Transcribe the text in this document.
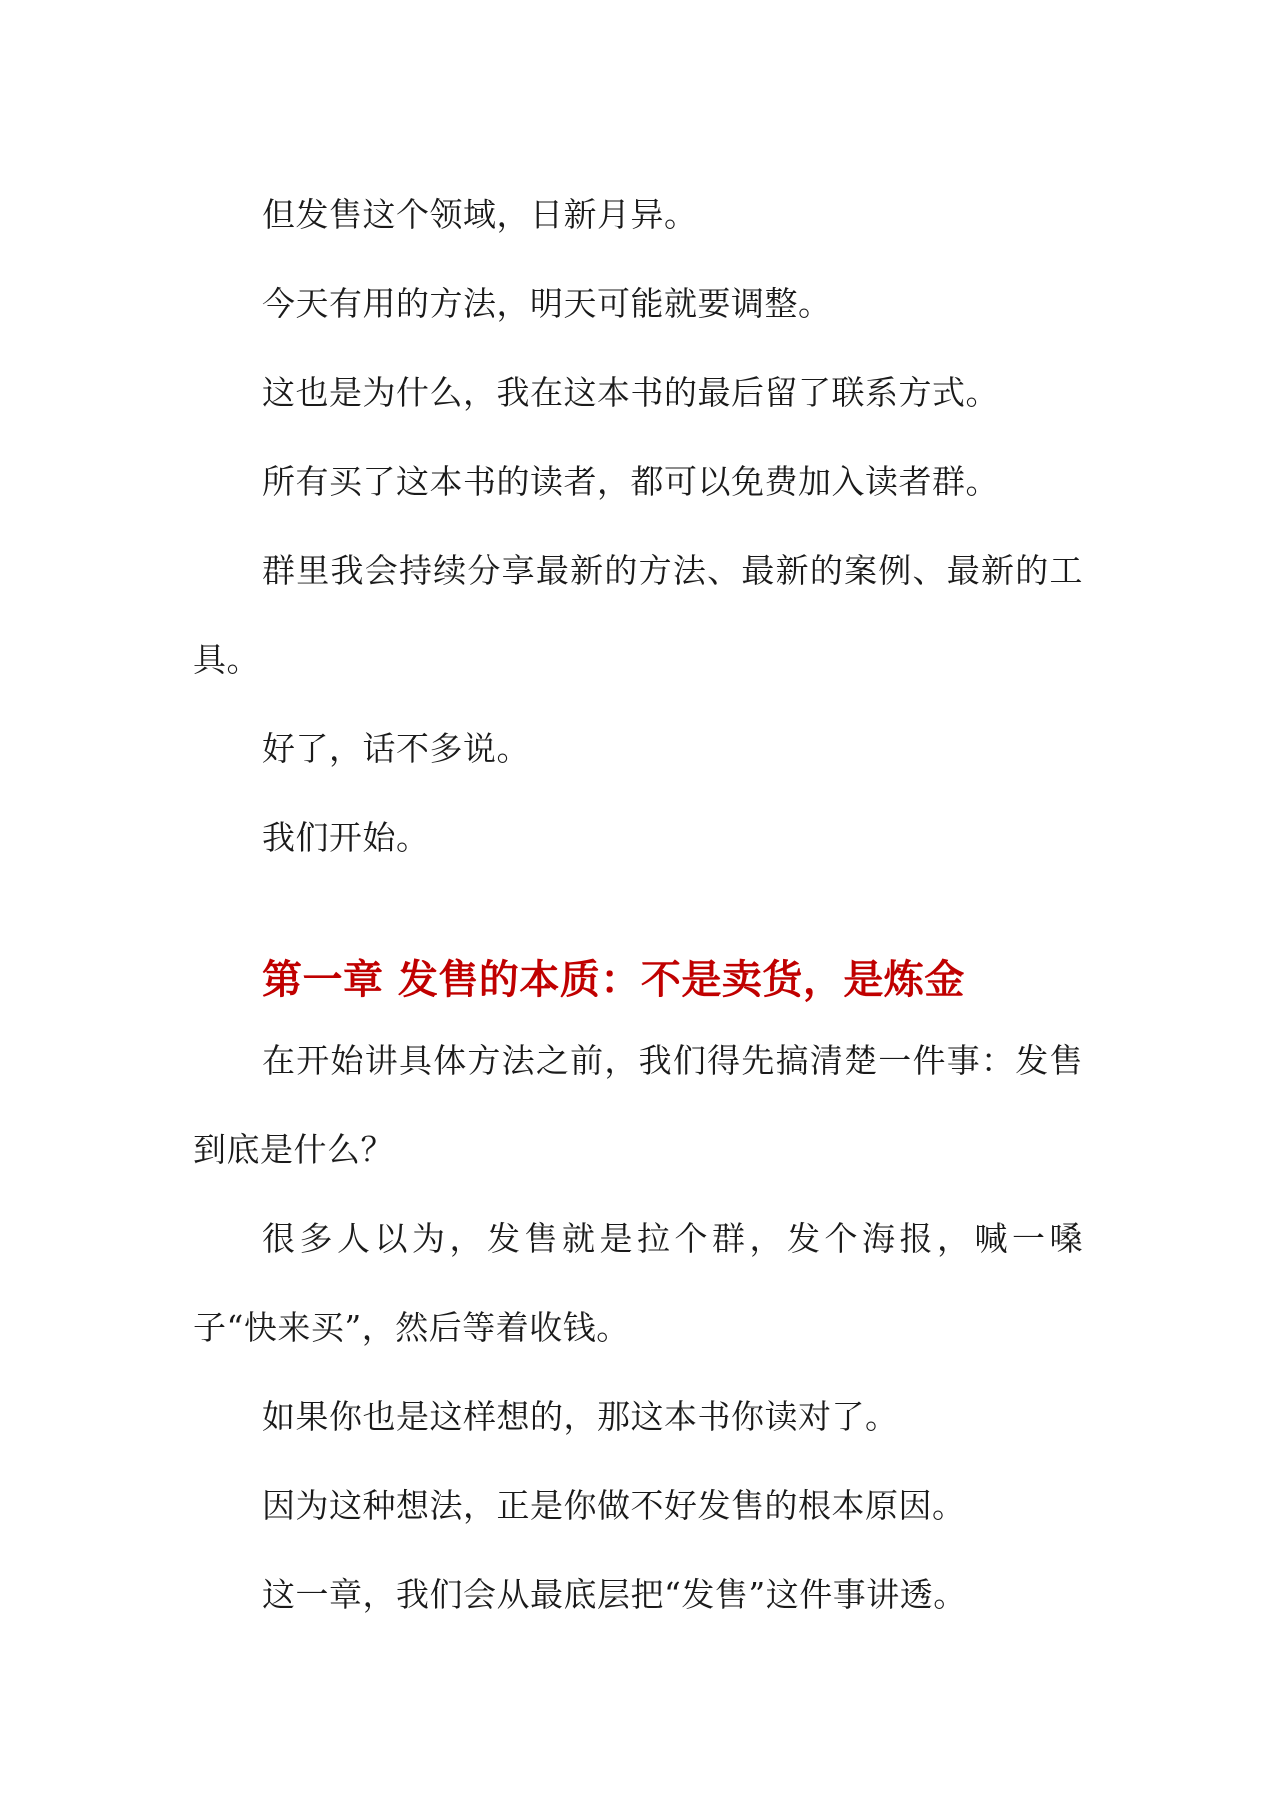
但发售这个领域，日新月异。

今天有用的方法，明天可能就要调整。

这也是为什么，我在这本书的最后留了联系方式。

所有买了这本书的读者，都可以免费加入读者群。

群里我会持续分享最新的方法、最新的案例、最新的工具。

好了，话不多说。

我们开始。

第一章 发售的本质：不是卖货，是炼金

在开始讲具体方法之前，我们得先搞清楚一件事：发售到底是什么？

很多人以为，发售就是拉个群，发个海报，喊一嗓子“快来买”，然后等着收钱。

如果你也是这样想的，那这本书你读对了。

因为这种想法，正是你做不好发售的根本原因。

这一章，我们会从最底层把“发售”这件事讲透。
